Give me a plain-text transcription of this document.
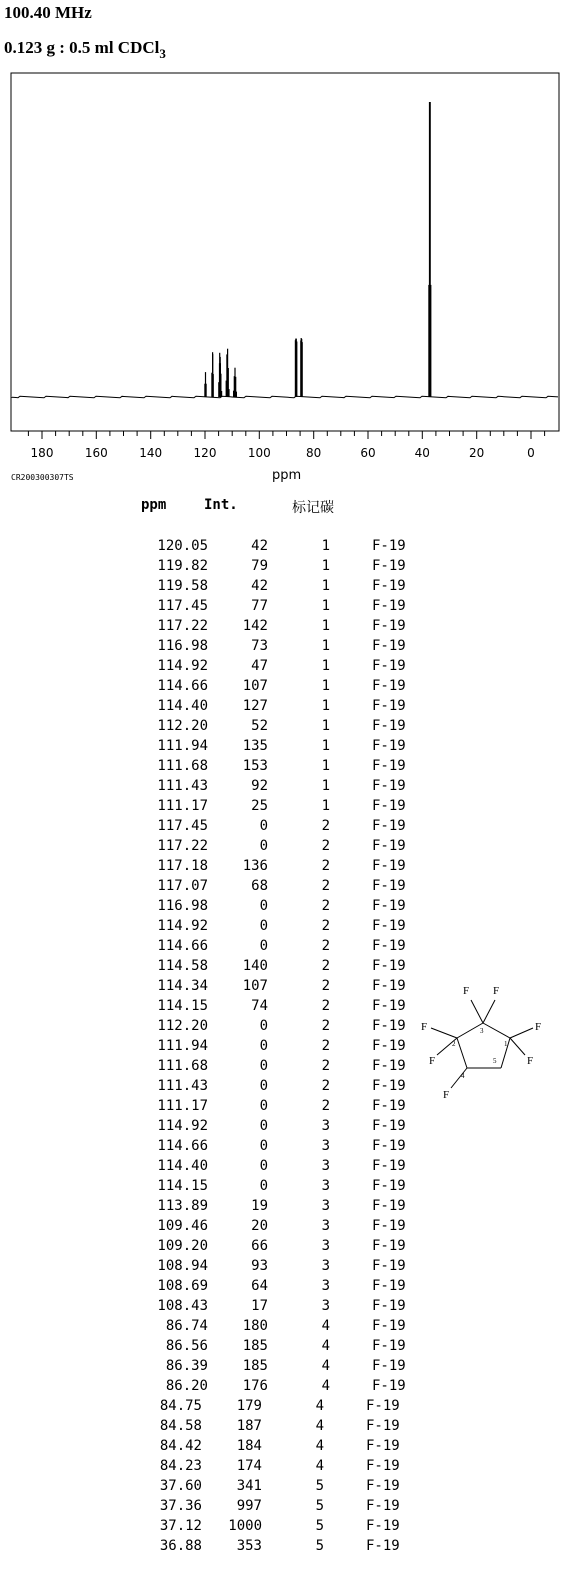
100.40 MHz
0.123 g : 0.5 ml CDCl$_3$
180	160	140	120	100	80	60	40	20	0
CR200300307TS	ppm
ppm	Int.	标记碳
120.05	42	1	F-19
119.82	79	1	F-19
119.58	42	1	F-19
117.45	77	1	F-19
117.22	142	1	F-19
116.98	73	1	F-19
114.92	47	1	F-19
114.66	107	1	F-19
114.40	127	1	F-19
112.20	52	1	F-19
111.94	135	1	F-19
111.68	153	1	F-19
111.43	92	1	F-19
111.17	25	1	F-19
117.45	0	2	F-19
117.22	0	2	F-19
117.18	136	2	F-19
117.07	68	2	F-19
116.98	0	2	F-19
114.92	0	2	F-19
114.66	0	2	F-19
114.58	140	2	F-19
114.34	107	2	F-19
114.15	74	2	F-19
112.20	0	2	F-19
111.94	0	2	F-19
111.68	0	2	F-19
111.43	0	2	F-19
111.17	0	2	F-19
114.92	0	3	F-19
114.66	0	3	F-19
114.40	0	3	F-19
114.15	0	3	F-19
113.89	19	3	F-19
109.46	20	3	F-19
109.20	66	3	F-19
108.94	93	3	F-19
108.69	64	3	F-19
108.43	17	3	F-19
86.74	180	4	F-19
86.56	185	4	F-19
86.39	185	4	F-19
86.20	176	4	F-19
84.75	179	4	F-19
84.58	187	4	F-19
84.42	184	4	F-19
84.23	174	4	F-19
37.60	341	5	F-19
37.36	997	5	F-19
37.12	1000	5	F-19
36.88	353	5	F-19
F F
F
F
F
F
F
1
2
3
4
5
